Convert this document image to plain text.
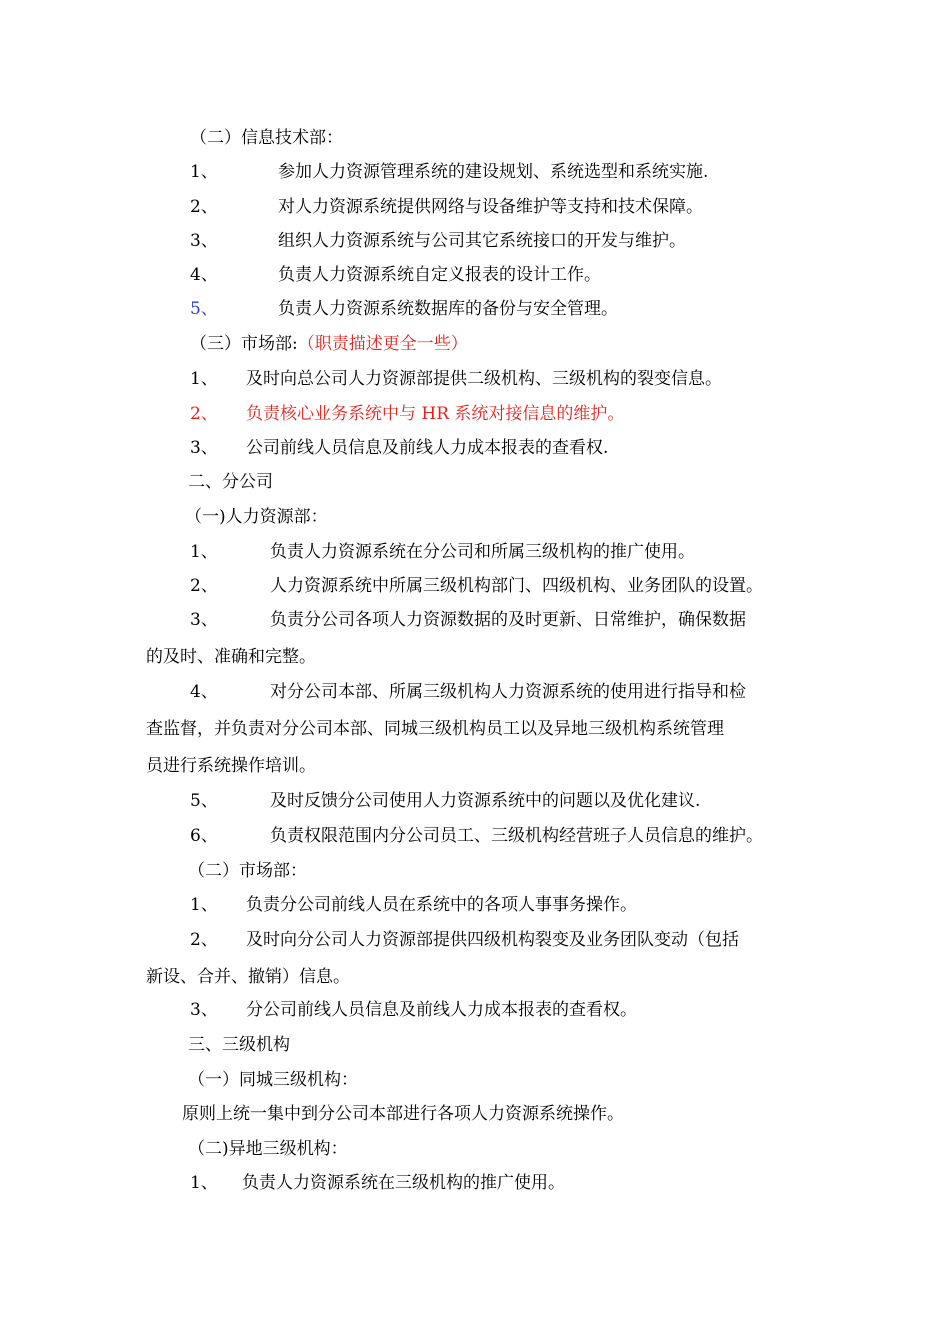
（二）信息技术部：
1、	参加人力资源管理系统的建设规划、系统选型和系统实施.
2、	对人力资源系统提供网络与设备维护等支持和技术保障。
3、	组织人力资源系统与公司其它系统接口的开发与维护。
4、	负责人力资源系统自定义报表的设计工作。
5、	负责人力资源系统数据库的备份与安全管理。
（三）市场部:（职责描述更全一些）
1、 及时向总公司人力资源部提供二级机构、三级机构的裂变信息。
2、 负责核心业务系统中与 HR 系统对接信息的维护。
3、 公司前线人员信息及前线人力成本报表的查看权.
二、分公司
（一)人力资源部：
1、	负责人力资源系统在分公司和所属三级机构的推广使用。
2、	人力资源系统中所属三级机构部门、四级机构、业务团队的设置。
3、	负责分公司各项人力资源数据的及时更新、日常维护，确保数据
的及时、准确和完整。
4、	对分公司本部、所属三级机构人力资源系统的使用进行指导和检
查监督，并负责对分公司本部、同城三级机构员工以及异地三级机构系统管理
员进行系统操作培训。
5、	及时反馈分公司使用人力资源系统中的问题以及优化建议.
6、	负责权限范围内分公司员工、三级机构经营班子人员信息的维护。
（二）市场部：
1、 负责分公司前线人员在系统中的各项人事事务操作。
2、 及时向分公司人力资源部提供四级机构裂变及业务团队变动（包括
新设、合并、撤销）信息。
3、 分公司前线人员信息及前线人力成本报表的查看权。
三、三级机构
（一）同城三级机构：
原则上统一集中到分公司本部进行各项人力资源系统操作。
（二)异地三级机构：
1、 负责人力资源系统在三级机构的推广使用。
